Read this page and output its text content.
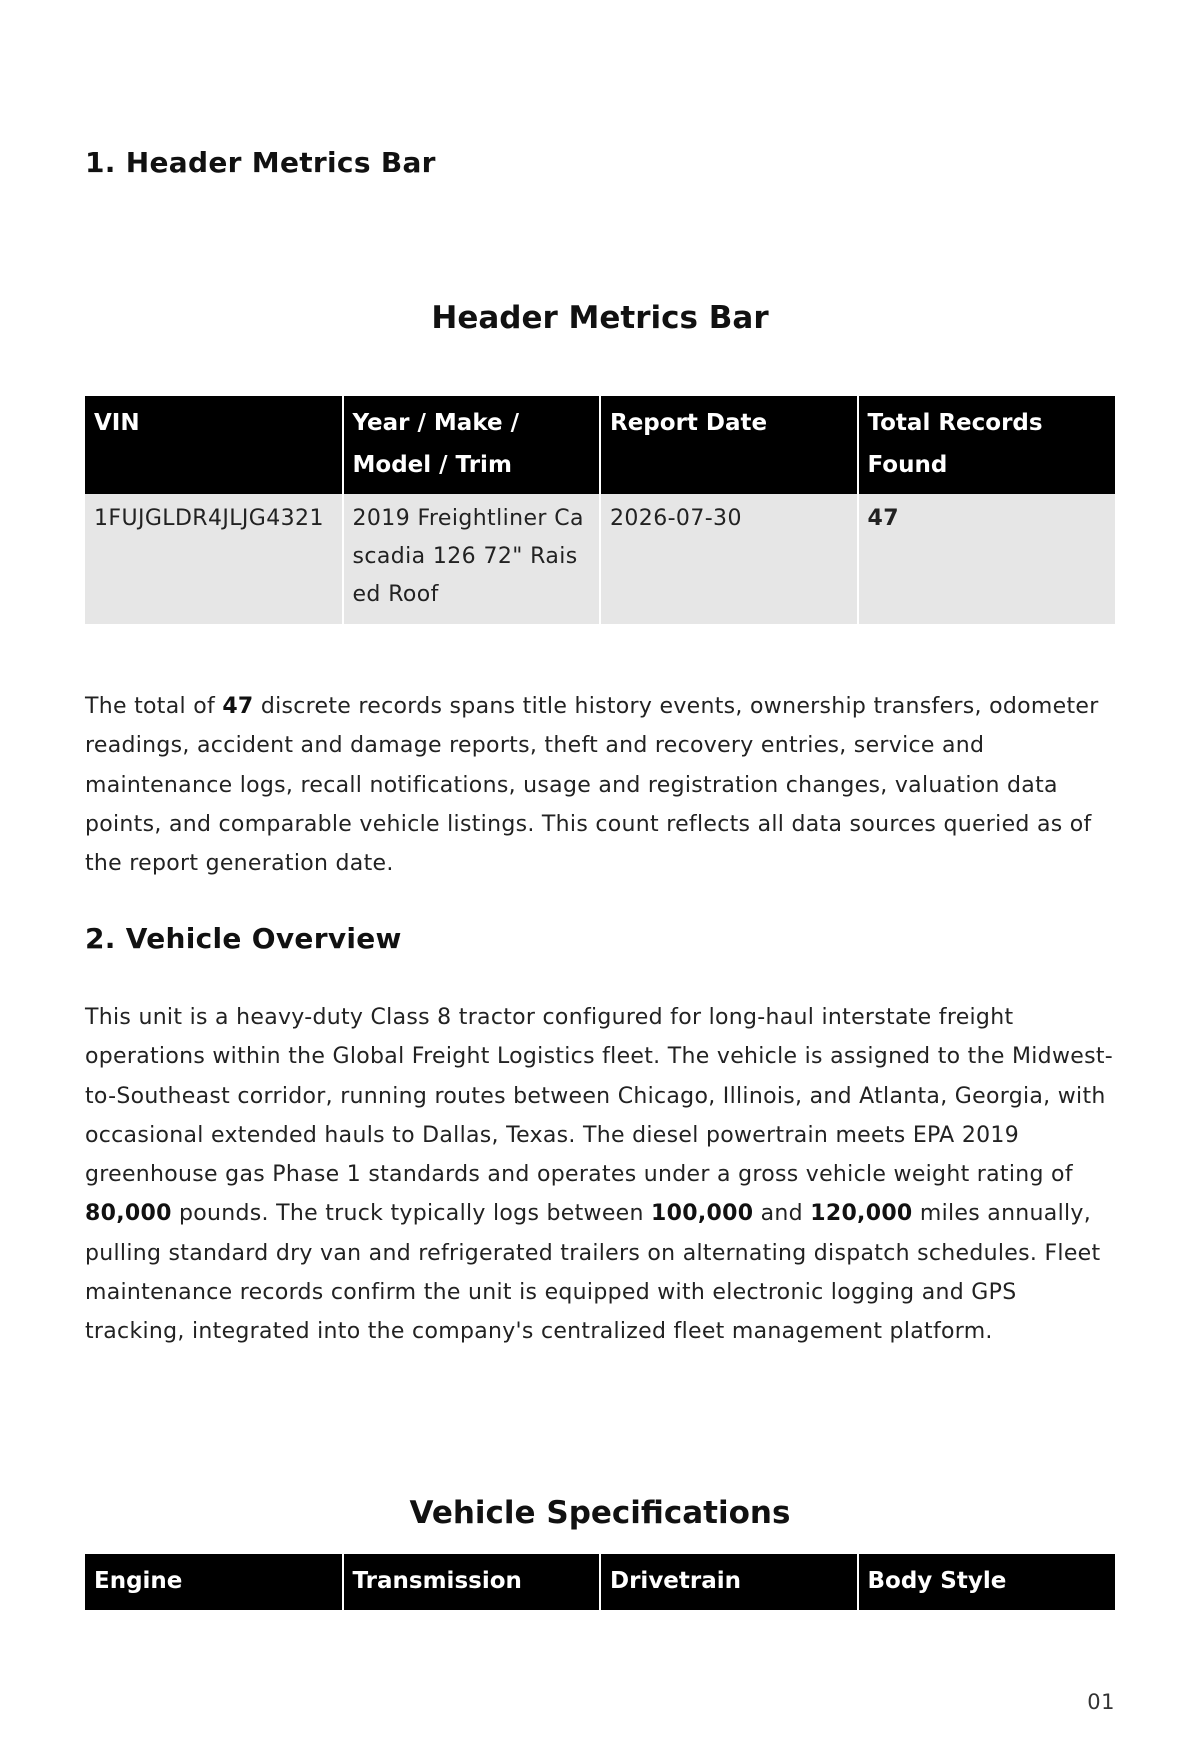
1. Header Metrics Bar
Header Metrics Bar
VIN	Year / Make / Model / Trim	Report Date	Total Records Found
1FUJGLDR4JLJG4321	2019 Freightliner Cascadia 126 72" Raised Roof	2026-07-30	47

The total of 47 discrete records spans title history events, ownership transfers, odometer readings, accident and damage reports, theft and recovery entries, service and maintenance logs, recall notifications, usage and registration changes, valuation data points, and comparable vehicle listings. This count reflects all data sources queried as of the report generation date.

2. Vehicle Overview

This unit is a heavy-duty Class 8 tractor configured for long-haul interstate freight operations within the Global Freight Logistics fleet. The vehicle is assigned to the Midwest-to-Southeast corridor, running routes between Chicago, Illinois, and Atlanta, Georgia, with occasional extended hauls to Dallas, Texas. The diesel powertrain meets EPA 2019 greenhouse gas Phase 1 standards and operates under a gross vehicle weight rating of 80,000 pounds. The truck typically logs between 100,000 and 120,000 miles annually, pulling standard dry van and refrigerated trailers on alternating dispatch schedules. Fleet maintenance records confirm the unit is equipped with electronic logging and GPS tracking, integrated into the company's centralized fleet management platform.

Vehicle Specifications
Engine	Transmission	Drivetrain	Body Style
01
